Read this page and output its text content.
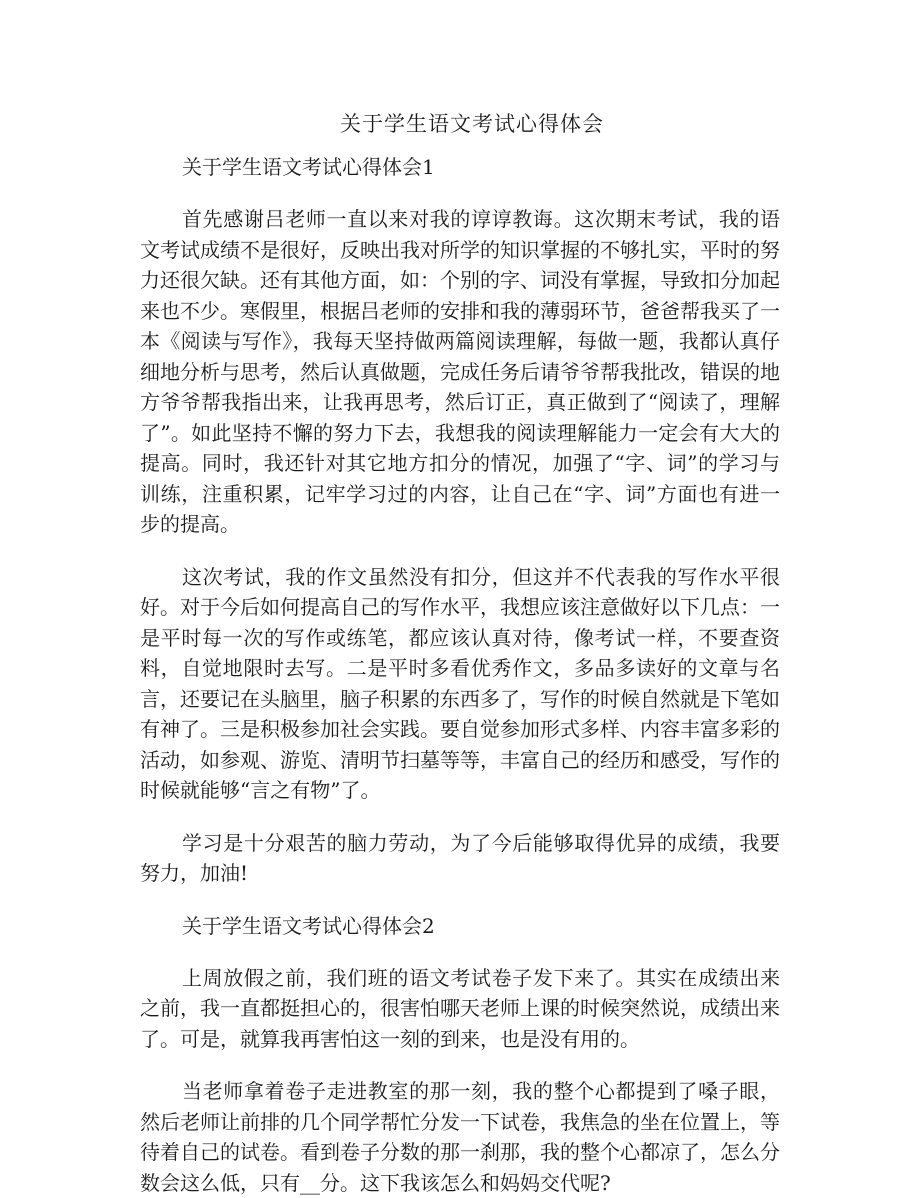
关于学生语文考试心得体会

关于学生语文考试心得体会1

首先感谢吕老师一直以来对我的谆谆教诲。这次期末考试，我的语文考试成绩不是很好，反映出我对所学的知识掌握的不够扎实，平时的努力还很欠缺。还有其他方面，如：个别的字、词没有掌握，导致扣分加起来也不少。寒假里，根据吕老师的安排和我的薄弱环节，爸爸帮我买了一本《阅读与写作》，我每天坚持做两篇阅读理解，每做一题，我都认真仔细地分析与思考，然后认真做题，完成任务后请爷爷帮我批改，错误的地方爷爷帮我指出来，让我再思考，然后订正，真正做到了“阅读了，理解了”。如此坚持不懈的努力下去，我想我的阅读理解能力一定会有大大的提高。同时，我还针对其它地方扣分的情况，加强了“字、词”的学习与训练，注重积累，记牢学习过的内容，让自己在“字、词”方面也有进一步的提高。

这次考试，我的作文虽然没有扣分，但这并不代表我的写作水平很好。对于今后如何提高自己的写作水平，我想应该注意做好以下几点：一是平时每一次的写作或练笔，都应该认真对待，像考试一样，不要查资料，自觉地限时去写。二是平时多看优秀作文，多品多读好的文章与名言，还要记在头脑里，脑子积累的东西多了，写作的时候自然就是下笔如有神了。三是积极参加社会实践。要自觉参加形式多样、内容丰富多彩的活动，如参观、游览、清明节扫墓等等，丰富自己的经历和感受，写作的时候就能够“言之有物”了。

学习是十分艰苦的脑力劳动，为了今后能够取得优异的成绩，我要努力，加油!

关于学生语文考试心得体会2

上周放假之前，我们班的语文考试卷子发下来了。其实在成绩出来之前，我一直都挺担心的，很害怕哪天老师上课的时候突然说，成绩出来了。可是，就算我再害怕这一刻的到来，也是没有用的。

当老师拿着卷子走进教室的那一刻，我的整个心都提到了嗓子眼，然后老师让前排的几个同学帮忙分发一下试卷，我焦急的坐在位置上，等待着自己的试卷。看到卷子分数的那一刹那，我的整个心都凉了，怎么分数会这么低，只有__分。这下我该怎么和妈妈交代呢?
